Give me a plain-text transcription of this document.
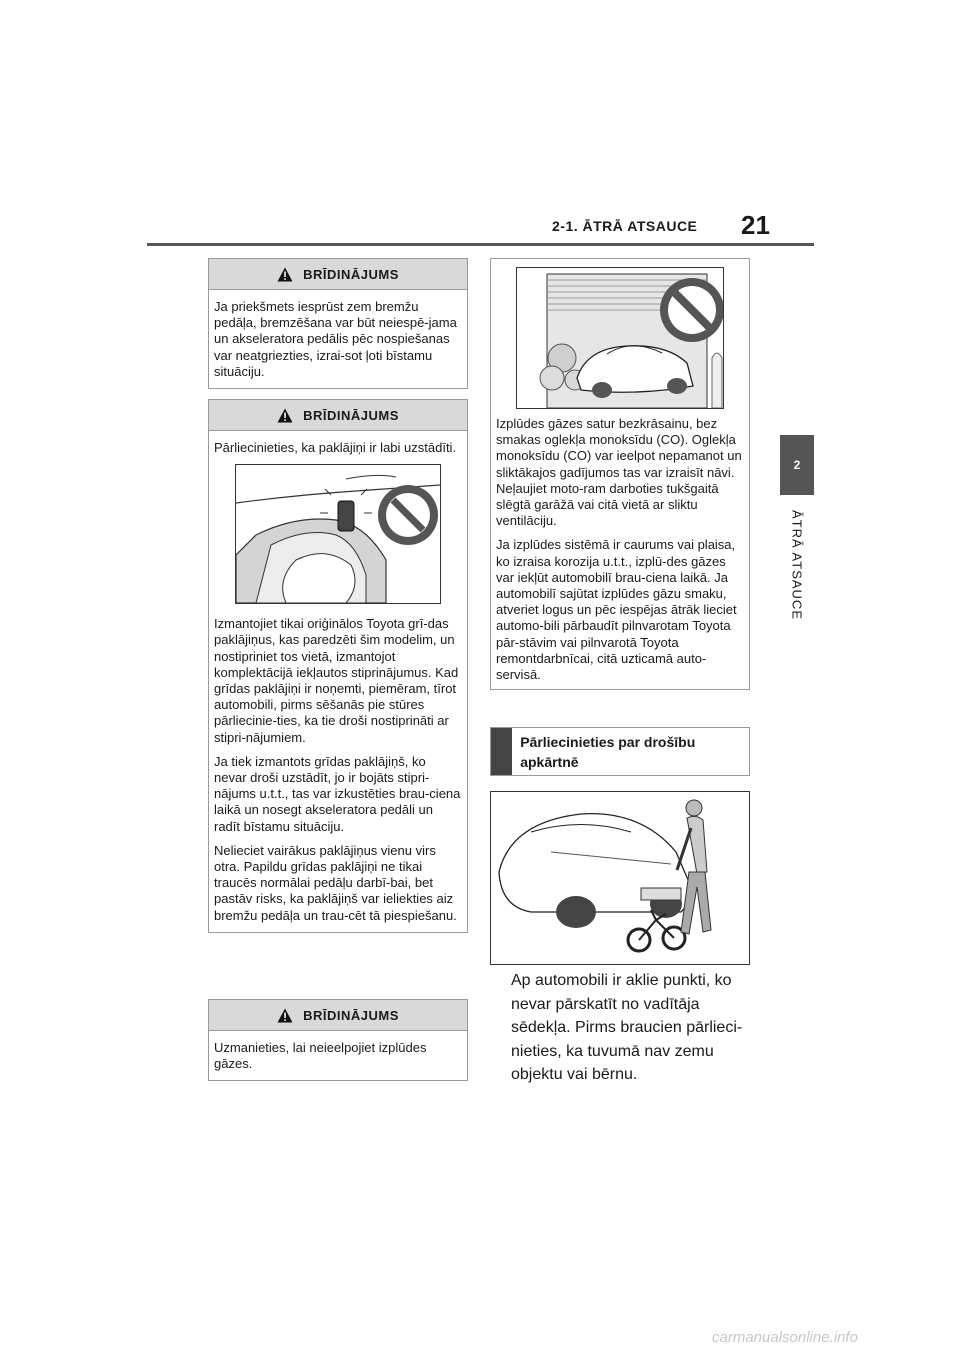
2-1. ĀTRĀ ATSAUCE 21
2
ĀTRĀ ATSAUCE
BRĪDINĀJUMS

Ja priekšmets iesprūst zem bremžu pedāļa, bremzēšana var būt neiespē-jama un akseleratora pedālis pēc nospiešanas var neatgriezties, izrai-sot ļoti bīstamu situāciju.

BRĪDINĀJUMS

Pārliecinieties, ka paklājiņi ir labi uzstādīti.

Izmantojiet tikai oriģinālos Toyota grī-das paklājiņus, kas paredzēti šim modelim, un nostipriniet tos vietā, izmantojot komplektācijā iekļautos stiprinājumus. Kad grīdas paklājiņi ir noņemti, piemēram, tīrot automobili, pirms sēšanās pie stūres pārliecinie-ties, ka tie droši nostiprināti ar stipri-nājumiem.

Ja tiek izmantots grīdas paklājiņš, ko nevar droši uzstādīt, jo ir bojāts stipri-nājums u.t.t., tas var izkustēties brau-ciena laikā un nosegt akseleratora pedāli un radīt bīstamu situāciju.

Nelieciet vairākus paklājiņus vienu virs otra. Papildu grīdas paklājiņi ne tikai traucēs normālai pedāļu darbī-bai, bet pastāv risks, ka paklājiņš var ieliekties aiz bremžu pedāļa un trau-cēt tā piespiešanu.

BRĪDINĀJUMS

Uzmanieties, lai neieelpojiet izplūdes gāzes.

Izplūdes gāzes satur bezkrāsainu, bez smakas oglekļa monoksīdu (CO). Oglekļa monoksīdu (CO) var ieelpot nepamanot un sliktākajos gadījumos tas var izraisīt nāvi. Neļaujiet moto-ram darboties tukšgaitā slēgtā garāžā vai citā vietā ar sliktu ventilāciju.

Ja izplūdes sistēmā ir caurums vai plaisa, ko izraisa korozija u.t.t., izplū-des gāzes var iekļūt automobilī brau-ciena laikā. Ja automobilī sajūtat izplūdes gāzu smaku, atveriet logus un pēc iespējas ātrāk lieciet automo-bili pārbaudīt pilnvarotam Toyota pār-stāvim vai pilnvarotā Toyota remontdarbnīcai, citā uzticamā auto-servisā.

Pārliecinieties par drošību apkārtnē
Ap automobili ir aklie punkti, ko nevar pārskatīt no vadītāja sēdekļa. Pirms braucien pārlieci-nieties, ka tuvumā nav zemu objektu vai bērnu.
carmanualsonline.info
